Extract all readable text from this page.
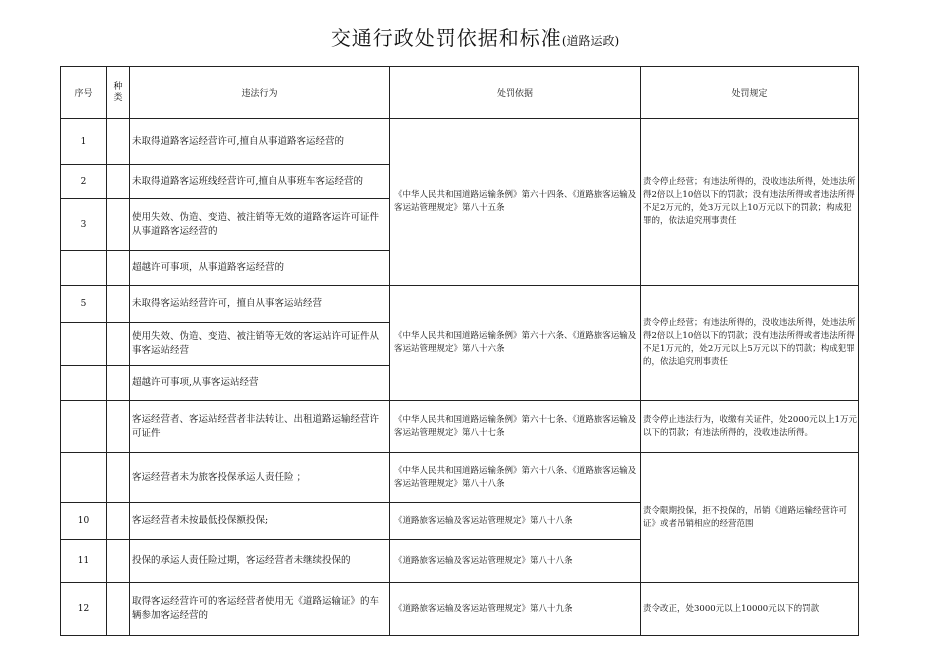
交通行政处罚依据和标准(道路运政)
序号	种类	违法行为	处罚依据	处罚规定
1		未取得道路客运经营许可,擅自从事道路客运经营的	《中华人民共和国道路运输条例》第六十四条、《道路旅客运输及客运站管理规定》第八十五条	责令停止经营；有违法所得的，没收违法所得，处违法所得2倍以上10倍以下的罚款；没有违法所得或者违法所得不足2万元的，处3万元以上10万元以下的罚款；构成犯罪的，依法追究刑事责任

2		未取得道路客运班线经营许可,擅自从事班车客运经营的		
3		使用失效、伪造、变造、被注销等无效的道路客运许可证件从事道路客运经营的		
		超越许可事项，从事道路客运经营的		
5		未取得客运站经营许可，擅自从事客运站经营	《中华人民共和国道路运输条例》第六十六条、《道路旅客运输及客运站管理规定》第八十六条	责令停止经营；有违法所得的，没收违法所得，处违法所得2倍以上10倍以下的罚款；没有违法所得或者违法所得不足1万元的，处2万元以上5万元以下的罚款；构成犯罪的，依法追究刑事责任

		使用失效、伪造、变造、被注销等无效的客运站许可证件从事客运站经营		
		超越许可事项,从事客运站经营		
		客运经营者、客运站经营者非法转让、出租道路运输经营许可证件	《中华人民共和国道路运输条例》第六十七条、《道路旅客运输及客运站管理规定》第八十七条	责令停止违法行为，收缴有关证件，处2000元以上1万元以下的罚款；有违法所得的，没收违法所得。

		客运经营者未为旅客投保承运人责任险 ；	《中华人民共和国道路运输条例》第六十八条、《道路旅客运输及客运站管理规定》第八十八条	责令限期投保，拒不投保的，吊销《道路运输经营许可证》或者吊销相应的经营范围

10		客运经营者未按最低投保额投保;	《道路旅客运输及客运站管理规定》第八十八条	
11		投保的承运人责任险过期，客运经营者未继续投保的	《道路旅客运输及客运站管理规定》第八十八条	
12		取得客运经营许可的客运经营者使用无《道路运输证》的车辆参加客运经营的	《道路旅客运输及客运站管理规定》第八十九条	责令改正，处3000元以上10000元以下的罚款
